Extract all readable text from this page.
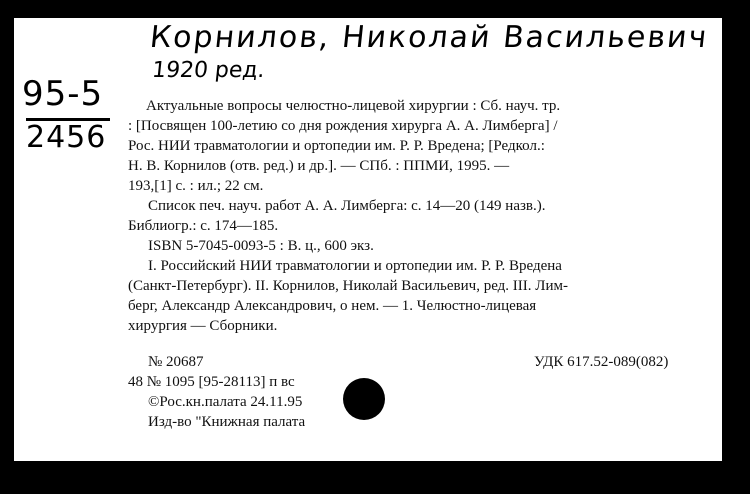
Корнилов, Николай Васильевич
1920 ред.
95-5
2456
Актуальные вопросы челюстно-лицевой хирургии : Сб. науч. тр.
: [Посвящен 100-летию со дня рождения хирурга А. А. Лимберга] /
Рос. НИИ травматологии и ортопедии им. Р. Р. Вредена; [Редкол.:
Н. В. Корнилов (отв. ред.) и др.]. — СПб. : ППМИ, 1995. —
193,[1] с. : ил.; 22 см.
Список печ. науч. работ А. А. Лимберга: с. 14—20 (149 назв.).
Библиогр.: с. 174—185.
ISBN 5-7045-0093-5 : В. ц., 600 экз.
I. Российский НИИ травматологии и ортопедии им. Р. Р. Вредена
(Санкт-Петербург). II. Корнилов, Николай Васильевич, ред. III. Лим-
берг, Александр Александрович, о нем. — 1. Челюстно-лицевая
хирургия — Сборники.
№ 20687	УДК 617.52-089(082)
48 № 1095 [95-28113] п вс
©Рос.кн.палата 24.11.95
Изд-во "Книжная палата
